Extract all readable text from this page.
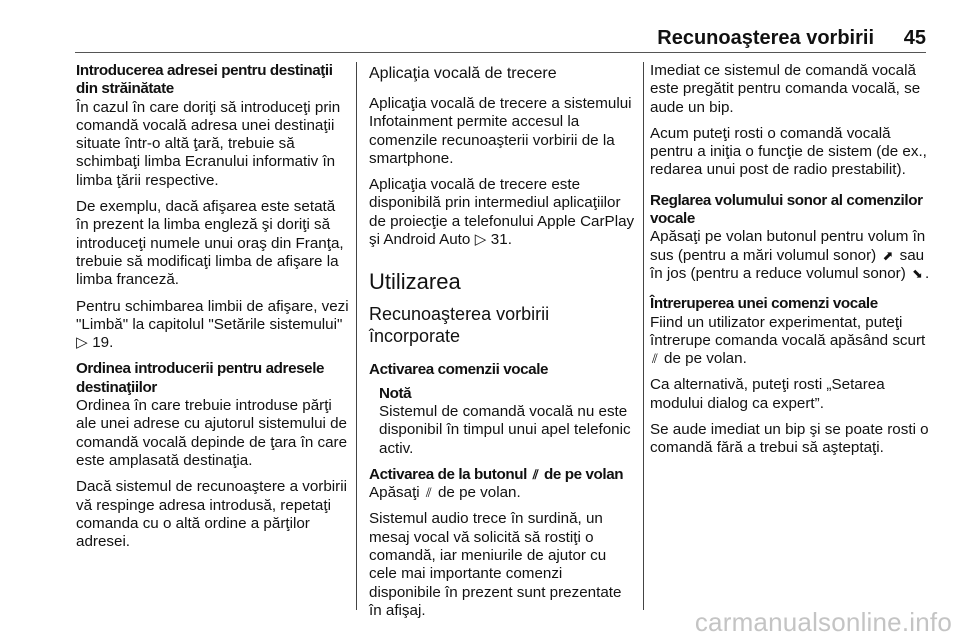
Recunoaşterea vorbirii 45
Introducerea adresei pentru destinaţii din străinătate

În cazul în care doriţi să introduceţi prin comandă vocală adresa unei destinaţii situate într-o altă ţară, trebuie să schimbaţi limba Ecranului informativ în limba ţării respective.

De exemplu, dacă afişarea este setată în prezent la limba engleză şi doriţi să introduceţi numele unui oraş din Franţa, trebuie să modificaţi limba de afişare la limba franceză.

Pentru schimbarea limbii de afişare, vezi "Limbă" la capitolul "Setările sistemului" ▷ 19.

Ordinea introducerii pentru adresele destinaţiilor

Ordinea în care trebuie introduse părţi ale unei adrese cu ajutorul sistemului de comandă vocală depinde de ţara în care este amplasată destinaţia.

Dacă sistemul de recunoaştere a vorbirii vă respinge adresa introdusă, repetaţi comanda cu o altă ordine a părţilor adresei.

Aplicaţia vocală de trecere

Aplicaţia vocală de trecere a sistemului Infotainment permite accesul la comenzile recunoaşterii vorbirii de la smartphone.

Aplicaţia vocală de trecere este disponibilă prin intermediul aplicaţiilor de proiecţie a telefonului Apple CarPlay şi Android Auto ▷ 31.

Utilizarea
Recunoaşterea vorbirii încorporate
Activarea comenzii vocale
Notă

Sistemul de comandă vocală nu este disponibil în timpul unui apel telefonic activ.

Activarea de la butonul ⫽ de pe volan

Apăsaţi ⫽ de pe volan.

Sistemul audio trece în surdină, un mesaj vocal vă solicită să rostiţi o comandă, iar meniurile de ajutor cu cele mai importante comenzi disponibile în prezent sunt prezentate în afişaj.

Imediat ce sistemul de comandă vocală este pregătit pentru comanda vocală, se aude un bip.

Acum puteţi rosti o comandă vocală pentru a iniţia o funcţie de sistem (de ex., redarea unui post de radio prestabilit).

Reglarea volumului sonor al comenzilor vocale

Apăsaţi pe volan butonul pentru volum în sus (pentru a mări volumul sonor) ⬈ sau în jos (pentru a reduce volumul sonor) ⬊ .

Întreruperea unei comenzi vocale

Fiind un utilizator experimentat, puteţi întrerupe comanda vocală apăsând scurt ⫽ de pe volan.

Ca alternativă, puteţi rosti „Setarea modului dialog ca expert”.

Se aude imediat un bip şi se poate rosti o comandă fără a trebui să aşteptaţi.

carmanualsonline.info
